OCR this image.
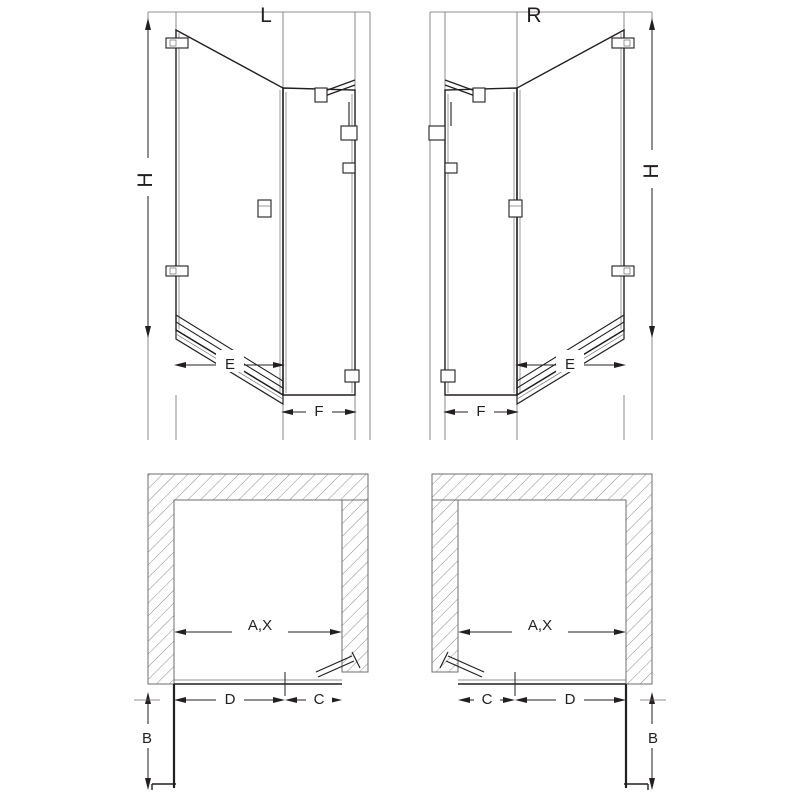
H
L
E
F
H
R
E
F
A,X
D	C
B
A,X
C	D
B
